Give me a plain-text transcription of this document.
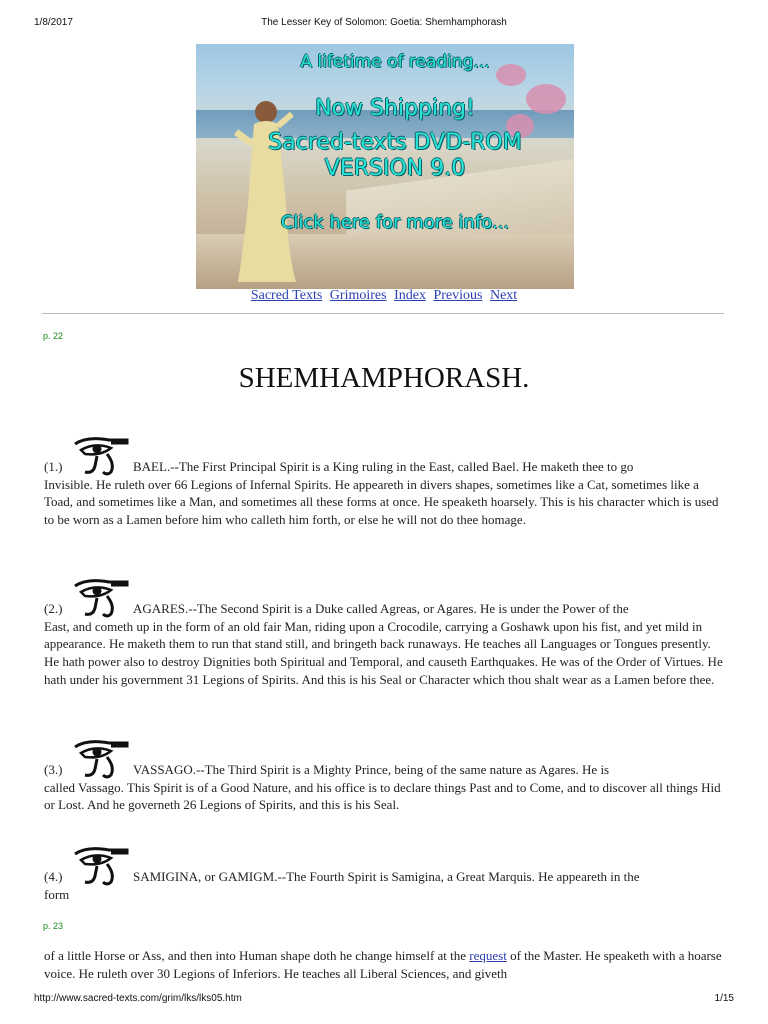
1/8/2017	The Lesser Key of Solomon: Goetia: Shemhamphorash
A lifetime of reading...
Now Shipping!
Sacred-texts DVD-ROM
VERSION 9.0
Click here for more info...
Sacred Texts Grimoires Index Previous Next
p. 22
SHEMHAMPHORASH.
(1.)	BAEL.--The First Principal Spirit is a King ruling in the East, called Bael. He maketh thee to go
Invisible. He ruleth over 66 Legions of Infernal Spirits. He appeareth in divers shapes, sometimes like a Cat, sometimes like a Toad, and sometimes like a Man, and sometimes all these forms at once. He speaketh hoarsely. This is his character which is used to be worn as a Lamen before him who calleth him forth, or else he will not do thee homage.
(2.)	AGARES.--The Second Spirit is a Duke called Agreas, or Agares. He is under the Power of the
East, and cometh up in the form of an old fair Man, riding upon a Crocodile, carrying a Goshawk upon his fist, and yet mild in appearance. He maketh them to run that stand still, and bringeth back runaways. He teaches all Languages or Tongues presently. He hath power also to destroy Dignities both Spiritual and Temporal, and causeth Earthquakes. He was of the Order of Virtues. He hath under his government 31 Legions of Spirits. And this is his Seal or Character which thou shalt wear as a Lamen before thee.
(3.)	VASSAGO.--The Third Spirit is a Mighty Prince, being of the same nature as Agares. He is
called Vassago. This Spirit is of a Good Nature, and his office is to declare things Past and to Come, and to discover all things Hid or Lost. And he governeth 26 Legions of Spirits, and this is his Seal.
(4.)	SAMIGINA, or GAMIGM.--The Fourth Spirit is Samigina, a Great Marquis. He appeareth in the
form
p. 23
of a little Horse or Ass, and then into Human shape doth he change himself at the request of the Master. He speaketh with a hoarse voice. He ruleth over 30 Legions of Inferiors. He teaches all Liberal Sciences, and giveth
http://www.sacred-texts.com/grim/lks/lks05.htm	1/15
